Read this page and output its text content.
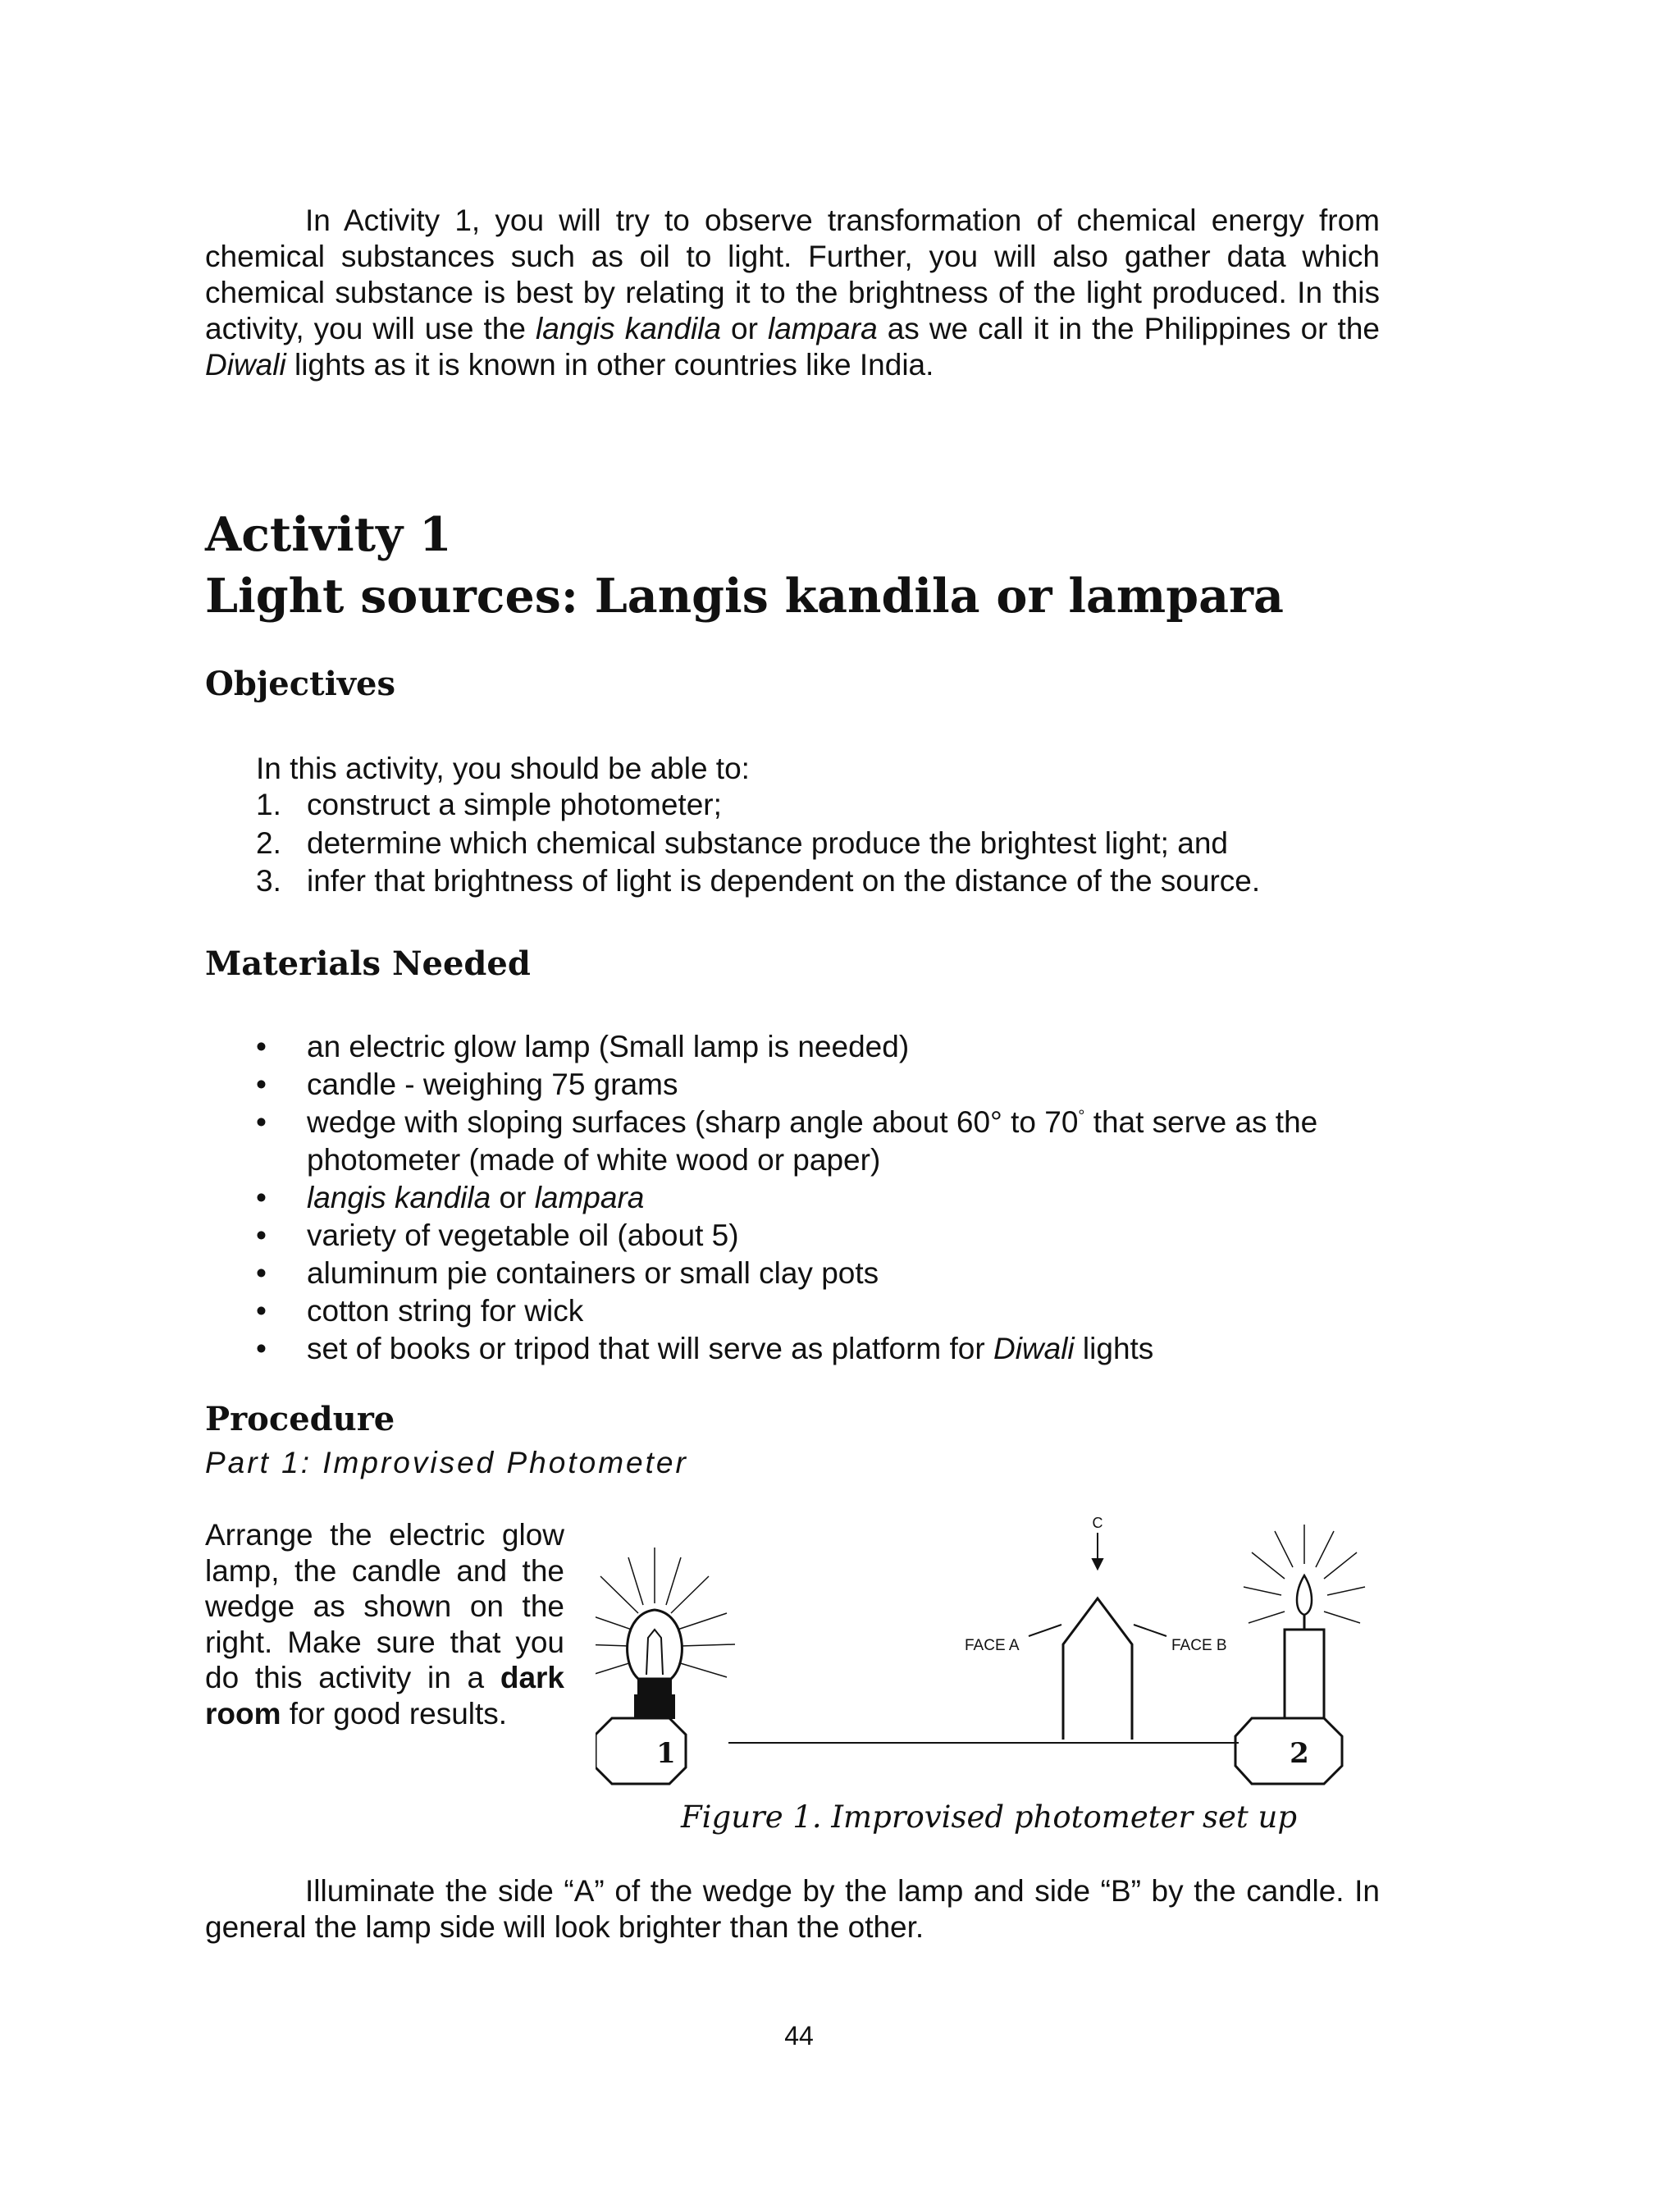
In Activity 1, you will try to observe transformation of chemical energy from chemical substances such as oil to light. Further, you will also gather data which chemical substance is best by relating it to the brightness of the light produced. In this activity, you will use the langis kandila or lampara as we call it in the Philippines or the Diwali lights as it is known in other countries like India.
Activity 1
Light sources: Langis kandila or lampara
Objectives
In this activity, you should be able to:
1. construct a simple photometer;
2. determine which chemical substance produce the brightest light; and
3. infer that brightness of light is dependent on the distance of the source.
Materials Needed
• an electric glow lamp (Small lamp is needed)
• candle - weighing 75 grams
• wedge with sloping surfaces (sharp angle about 60° to 70° that serve as the photometer (made of white wood or paper)
• langis kandila or lampara
• variety of vegetable oil (about 5)
• aluminum pie containers or small clay pots
• cotton string for wick
• set of books or tripod that will serve as platform for Diwali lights
Procedure
Part 1: Improvised Photometer
Arrange the electric glow lamp, the candle and the wedge as shown on the right. Make sure that you do this activity in a dark room for good results.
C
FACE A	FACE B
1	2
Figure 1. Improvised photometer set up
Illuminate the side “A” of the wedge by the lamp and side “B” by the candle. In general the lamp side will look brighter than the other.
44
